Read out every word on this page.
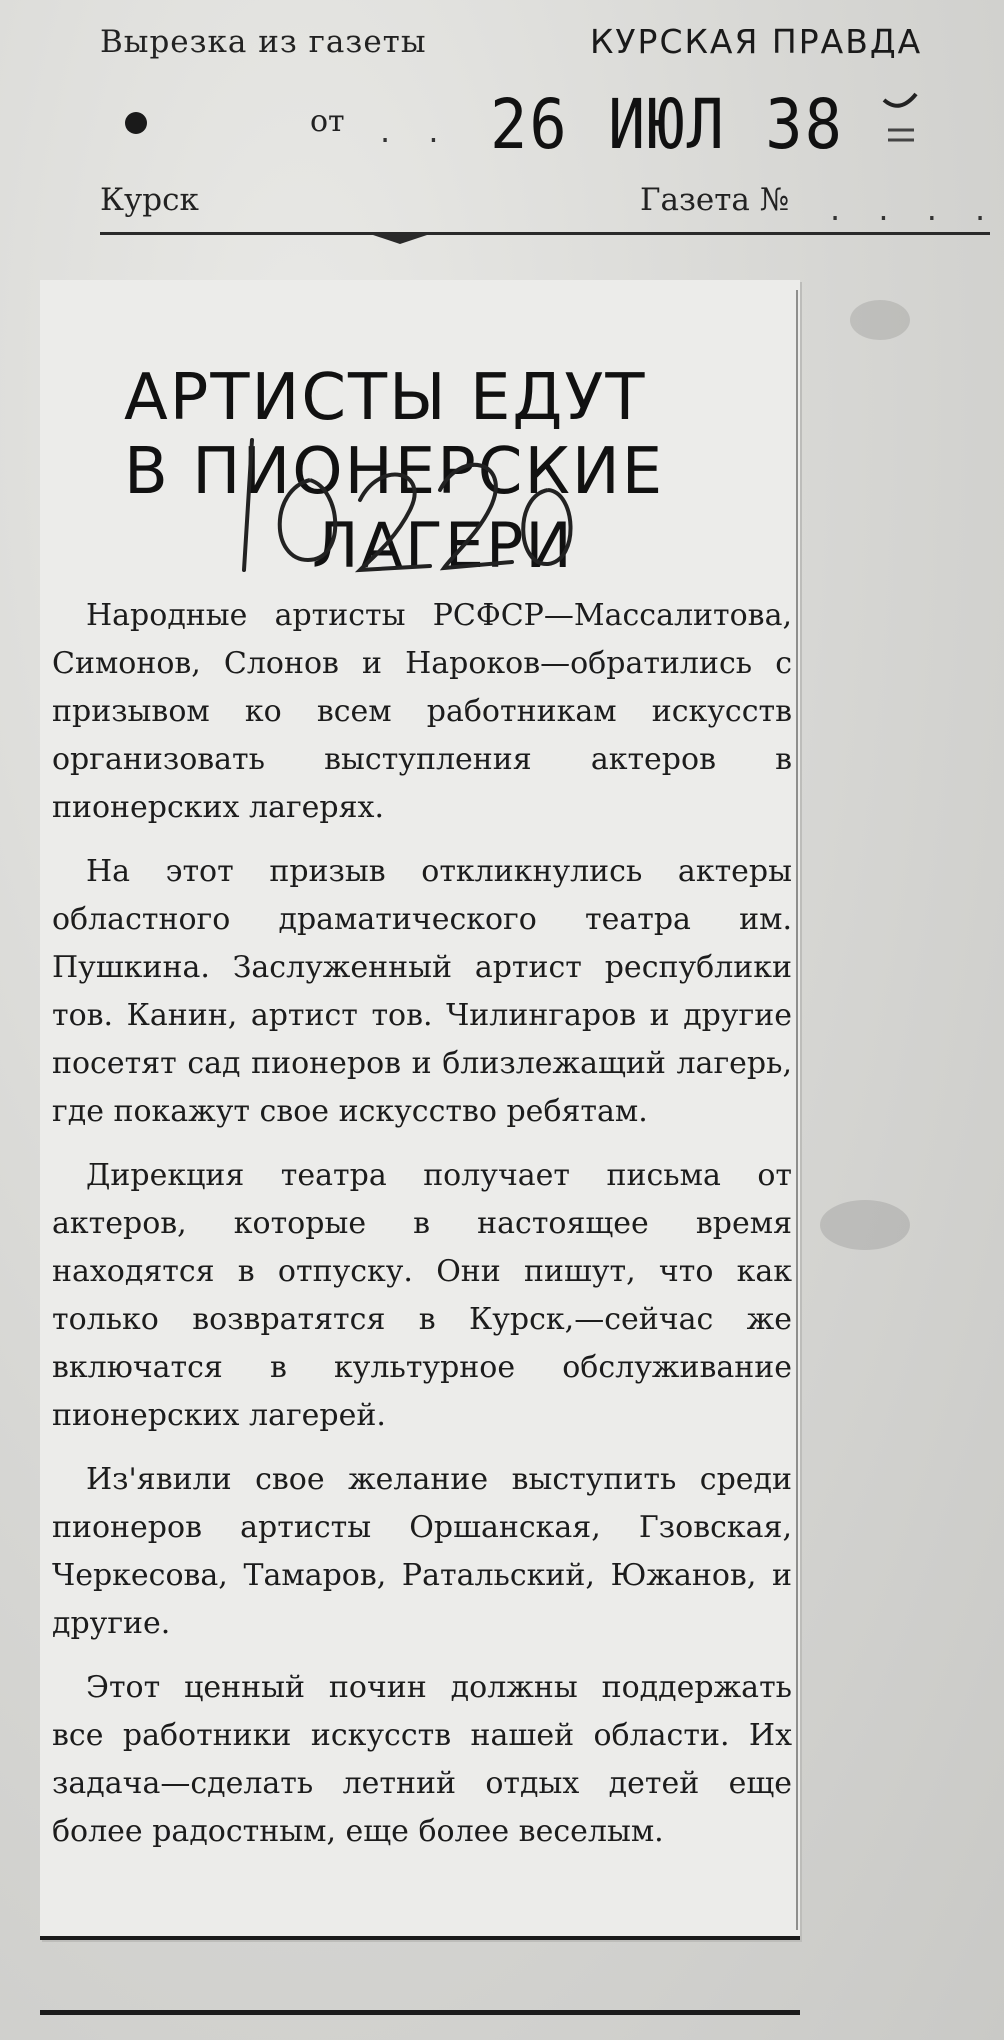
Вырезка из газеты	КУРСКАЯ ПРАВДА
от . . 26 ИЮЛ 38
Курск	Газета № . . . .
АРТИСТЫ ЕДУТ
В ПИОНЕРСКИЕ
ЛАГЕРИ

Народные артисты РСФСР—Массалитова, Симонов, Слонов и Нароков—обратились с призывом ко всем работникам искусств организовать выступления актеров в пионерских лагерях.

На этот призыв откликнулись актеры областного драматического театра им. Пушкина. Заслуженный артист республики тов. Канин, артист тов. Чилингаров и другие посетят сад пионеров и близлежащий лагерь, где покажут свое искусство ребятам.

Дирекция театра получает письма от актеров, которые в настоящее время находятся в отпуску. Они пишут, что как только возвратятся в Курск,—сейчас же включатся в культурное обслуживание пионерских лагерей.

Из'явили свое желание выступить среди пионеров артисты Оршанская, Гзовская, Черкесова, Тамаров, Ратальский, Южанов, и другие.

Этот ценный почин должны поддержать все работники искусств нашей области. Их задача—сделать летний отдых детей еще более радостным, еще более веселым.
